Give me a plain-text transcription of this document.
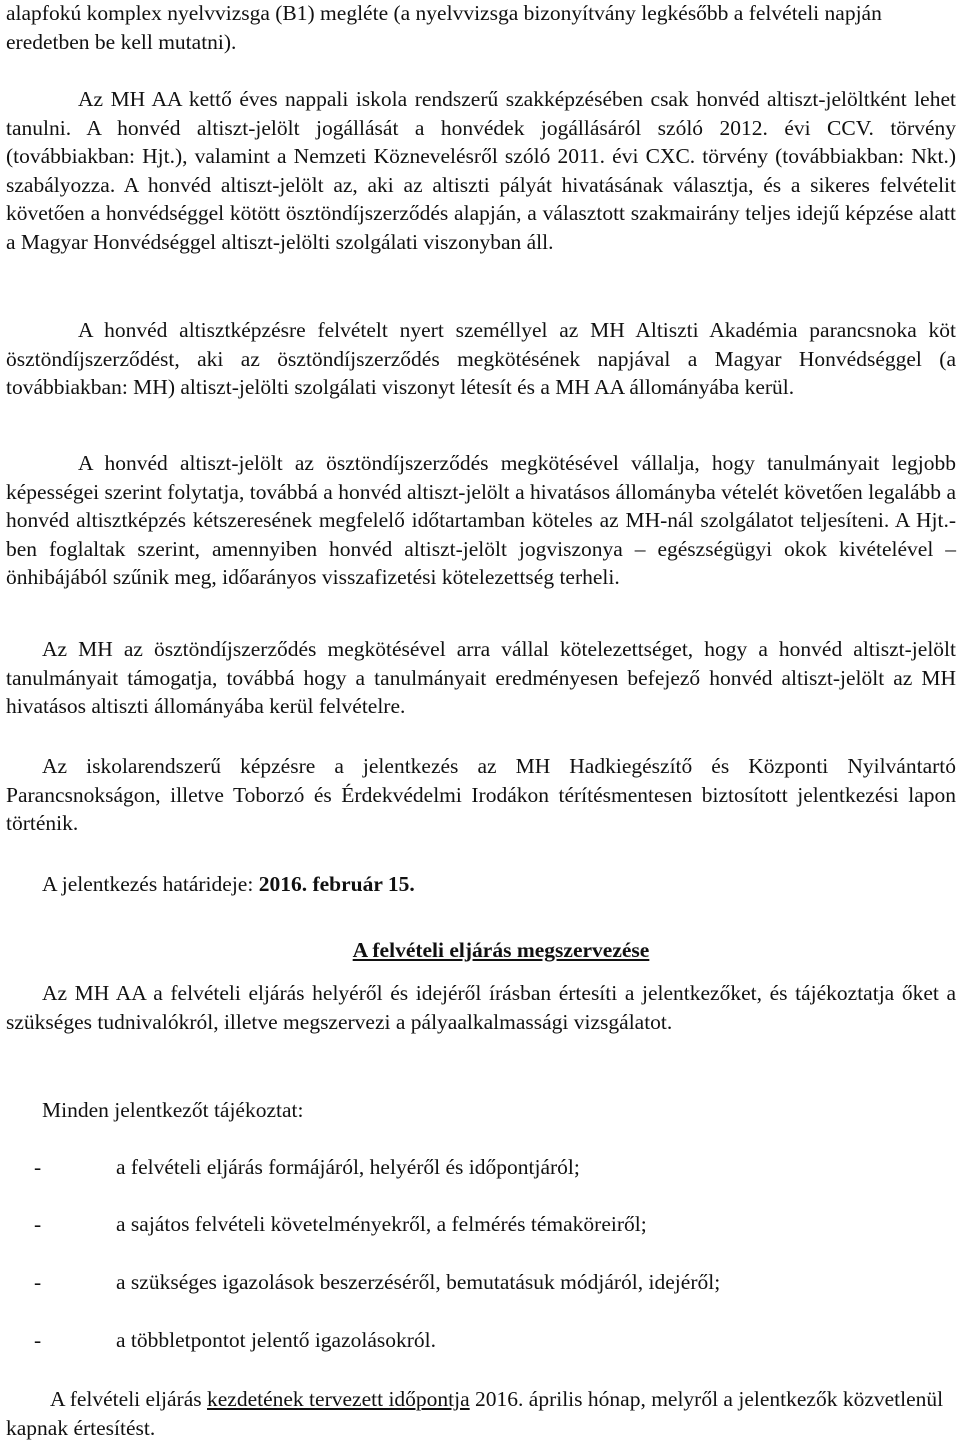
alapfokú komplex nyelvvizsga (B1) megléte (a nyelvvizsga bizonyítvány legkésőbb a felvételi napján eredetben be kell mutatni).

Az MH AA kettő éves nappali iskola rendszerű szakképzésében csak honvéd altiszt-jelöltként lehet tanulni. A honvéd altiszt-jelölt jogállását a honvédek jogállásáról szóló 2012. évi CCV. törvény (továbbiakban: Hjt.), valamint a Nemzeti Köznevelésről szóló 2011. évi CXC. törvény (továbbiakban: Nkt.) szabályozza. A honvéd altiszt-jelölt az, aki az altiszti pályát hivatásának választja, és a sikeres felvételit követően a honvédséggel kötött ösztöndíjszerződés alapján, a választott szakmairány teljes idejű képzése alatt a Magyar Honvédséggel altiszt-jelölti szolgálati viszonyban áll.

A honvéd altisztképzésre felvételt nyert személlyel az MH Altiszti Akadémia parancsnoka köt ösztöndíjszerződést, aki az ösztöndíjszerződés megkötésének napjával a Magyar Honvédséggel (a továbbiakban: MH) altiszt-jelölti szolgálati viszonyt létesít és a MH AA állományába kerül.

A honvéd altiszt-jelölt az ösztöndíjszerződés megkötésével vállalja, hogy tanulmányait legjobb képességei szerint folytatja, továbbá a honvéd altiszt-jelölt a hivatásos állományba vételét követően legalább a honvéd altisztképzés kétszeresének megfelelő időtartamban köteles az MH-nál szolgálatot teljesíteni. A Hjt.-ben foglaltak szerint, amennyiben honvéd altiszt-jelölt jogviszonya – egészségügyi okok kivételével – önhibájából szűnik meg, időarányos visszafizetési kötelezettség terheli.

Az MH az ösztöndíjszerződés megkötésével arra vállal kötelezettséget, hogy a honvéd altiszt-jelölt tanulmányait támogatja, továbbá hogy a tanulmányait eredményesen befejező honvéd altiszt-jelölt az MH hivatásos altiszti állományába kerül felvételre.

Az iskolarendszerű képzésre a jelentkezés az MH Hadkiegészítő és Központi Nyilvántartó Parancsnokságon, illetve Toborzó és Érdekvédelmi Irodákon térítésmentesen biztosított jelentkezési lapon történik.

A jelentkezés határideje: 2016. február 15.

A felvételi eljárás megszervezése

Az MH AA a felvételi eljárás helyéről és idejéről írásban értesíti a jelentkezőket, és tájékoztatja őket a szükséges tudnivalókról, illetve megszervezi a pályaalkalmassági vizsgálatot.

Minden jelentkezőt tájékoztat:

-	a felvételi eljárás formájáról, helyéről és időpontjáról;
-	a sajátos felvételi követelményekről, a felmérés témaköreiről;
-	a szükséges igazolások beszerzéséről, bemutatásuk módjáról, idejéről;
-	a többletpontot jelentő igazolásokról.

A felvételi eljárás kezdetének tervezett időpontja 2016. április hónap, melyről a jelentkezők közvetlenül kapnak értesítést.
